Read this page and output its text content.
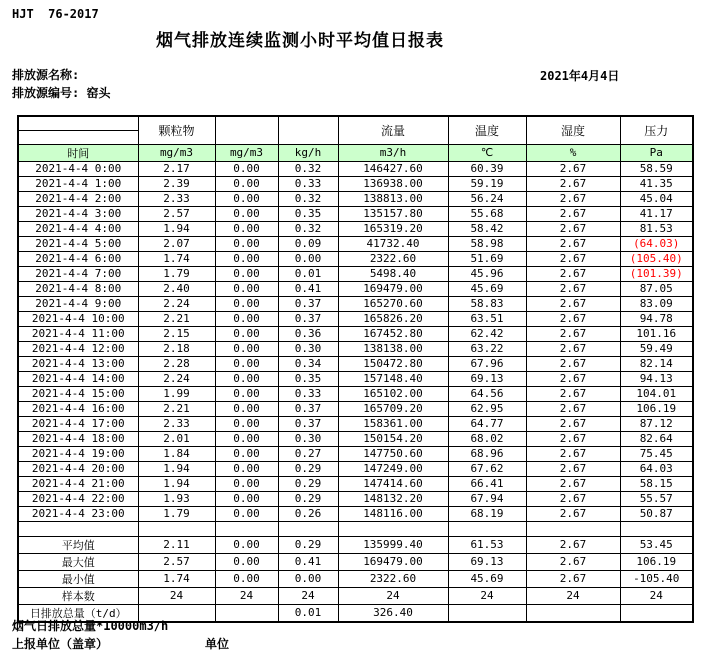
HJT  76-2017
烟气排放连续监测小时平均值日报表
排放源名称:
排放源编号: 窑头
2021年4月4日
	颗粒物			流量	温度	湿度	压力

时间	mg/m3	mg/m3	kg/h	m3/h	℃	%	Pa
2021-4-4 0:00	2.17	0.00	0.32	146427.60	60.39	2.67	58.59
2021-4-4 1:00	2.39	0.00	0.33	136938.00	59.19	2.67	41.35
2021-4-4 2:00	2.33	0.00	0.32	138813.00	56.24	2.67	45.04
2021-4-4 3:00	2.57	0.00	0.35	135157.80	55.68	2.67	41.17
2021-4-4 4:00	1.94	0.00	0.32	165319.20	58.42	2.67	81.53
2021-4-4 5:00	2.07	0.00	0.09	41732.40	58.98	2.67	(64.03)
2021-4-4 6:00	1.74	0.00	0.00	2322.60	51.69	2.67	(105.40)
2021-4-4 7:00	1.79	0.00	0.01	5498.40	45.96	2.67	(101.39)
2021-4-4 8:00	2.40	0.00	0.41	169479.00	45.69	2.67	87.05
2021-4-4 9:00	2.24	0.00	0.37	165270.60	58.83	2.67	83.09
2021-4-4 10:00	2.21	0.00	0.37	165826.20	63.51	2.67	94.78
2021-4-4 11:00	2.15	0.00	0.36	167452.80	62.42	2.67	101.16
2021-4-4 12:00	2.18	0.00	0.30	138138.00	63.22	2.67	59.49
2021-4-4 13:00	2.28	0.00	0.34	150472.80	67.96	2.67	82.14
2021-4-4 14:00	2.24	0.00	0.35	157148.40	69.13	2.67	94.13
2021-4-4 15:00	1.99	0.00	0.33	165102.00	64.56	2.67	104.01
2021-4-4 16:00	2.21	0.00	0.37	165709.20	62.95	2.67	106.19
2021-4-4 17:00	2.33	0.00	0.37	158361.00	64.77	2.67	87.12
2021-4-4 18:00	2.01	0.00	0.30	150154.20	68.02	2.67	82.64
2021-4-4 19:00	1.84	0.00	0.27	147750.60	68.96	2.67	75.45
2021-4-4 20:00	1.94	0.00	0.29	147249.00	67.62	2.67	64.03
2021-4-4 21:00	1.94	0.00	0.29	147414.60	66.41	2.67	58.15
2021-4-4 22:00	1.93	0.00	0.29	148132.20	67.94	2.67	55.57
2021-4-4 23:00	1.79	0.00	0.26	148116.00	68.19	2.67	50.87

平均值	2.11	0.00	0.29	135999.40	61.53	2.67	53.45
最大值	2.57	0.00	0.41	169479.00	69.13	2.67	106.19
最小值	1.74	0.00	0.00	2322.60	45.69	2.67	-105.40
样本数	24	24	24	24	24	24	24
日排放总量（t/d）			0.01	326.40			
烟气日排放总量*10000m3/h
上报单位（盖章）	单位
